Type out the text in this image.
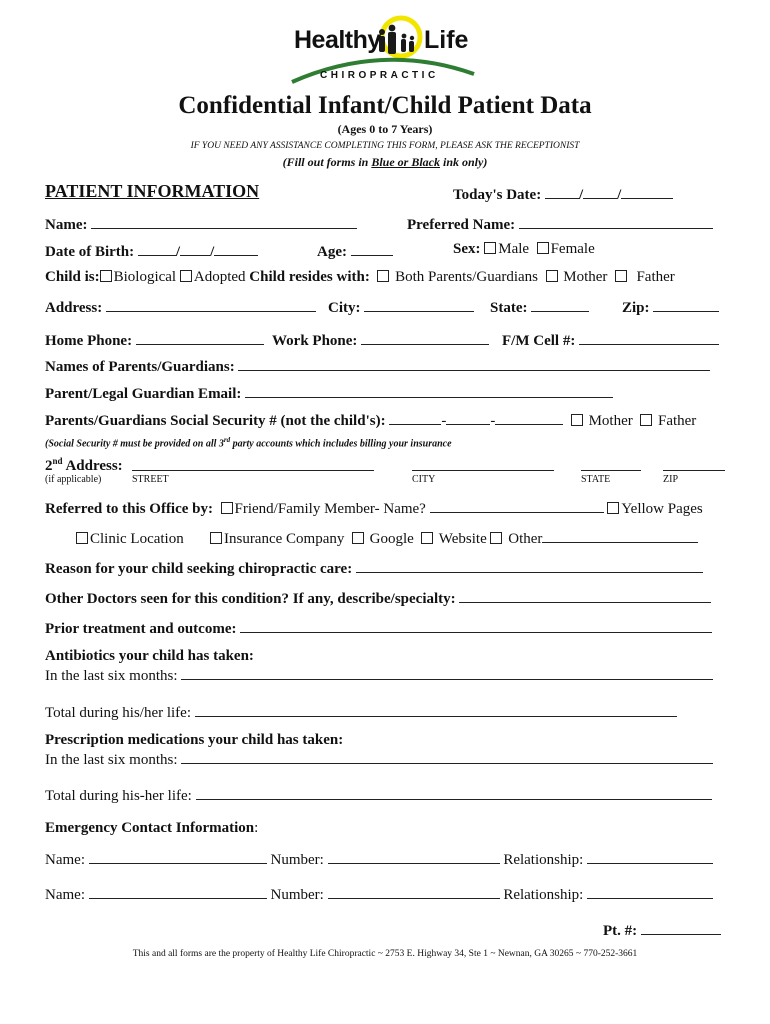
Healthy Life
CHIROPRACTIC
Confidential Infant/Child Patient Data
(Ages 0 to 7 Years)
IF YOU NEED ANY ASSISTANCE COMPLETING THIS FORM, PLEASE ASK THE RECEPTIONIST
(Fill out forms in Blue or Black ink only)
PATIENT INFORMATION	Today's Date:	/ /
Name:	Preferred Name:
Date of Birth:	/ /	Age:	Sex: Male Female
Child is: Biological Adopted Child resides with: Both Parents/Guardians Mother Father
Address:	City:	State:	Zip:
Home Phone:	Work Phone:	F/M Cell #:
Names of Parents/Guardians:
Parent/Legal Guardian Email:
Parents/Guardians Social Security # (not the child's):	-	-	Mother Father
(Social Security # must be provided on all 3rd party accounts which includes billing your insurance
2nd Address:
(if applicable)	STREET	CITY	STATE	ZIP
Referred to this Office by: Friend/Family Member- Name?	Yellow Pages
Clinic Location	Insurance Company Google Website Other
Reason for your child seeking chiropractic care:
Other Doctors seen for this condition? If any, describe/specialty:
Prior treatment and outcome:
Antibiotics your child has taken:
In the last six months:
Total during his/her life:
Prescription medications your child has taken:
In the last six months:
Total during his-her life:
Emergency Contact Information:
Name:	Number:	Relationship:
Name:	Number:	Relationship:
Pt. #:
This and all forms are the property of Healthy Life Chiropractic ~ 2753 E. Highway 34, Ste 1 ~ Newnan, GA 30265 ~ 770-252-3661
